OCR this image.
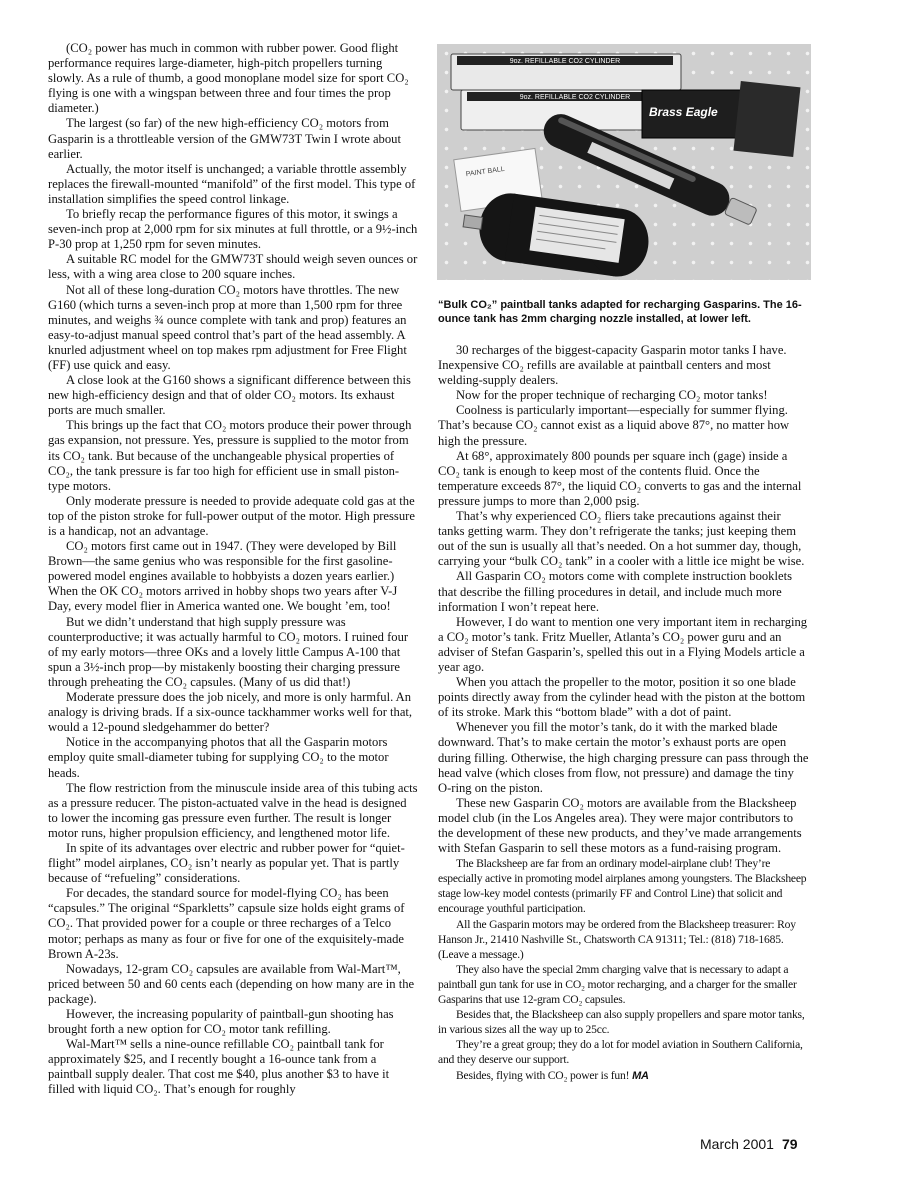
(CO₂ power has much in common with rubber power. Good flight performance requires large-diameter, high-pitch propellers turning slowly. As a rule of thumb, a good monoplane model size for sport CO₂ flying is one with a wingspan between three and four times the prop diameter.)

The largest (so far) of the new high-efficiency CO₂ motors from Gasparin is a throttleable version of the GMW73T Twin I wrote about earlier.

Actually, the motor itself is unchanged; a variable throttle assembly replaces the firewall-mounted “manifold” of the first model. This type of installation simplifies the speed control linkage.

To briefly recap the performance figures of this motor, it swings a seven-inch prop at 2,000 rpm for six minutes at full throttle, or a 9½-inch P-30 prop at 1,250 rpm for seven minutes.

A suitable RC model for the GMW73T should weigh seven ounces or less, with a wing area close to 200 square inches.

Not all of these long-duration CO₂ motors have throttles. The new G160 (which turns a seven-inch prop at more than 1,500 rpm for three minutes, and weighs ¾ ounce complete with tank and prop) features an easy-to-adjust manual speed control that’s part of the head assembly. A knurled adjustment wheel on top makes rpm adjustment for Free Flight (FF) use quick and easy.

A close look at the G160 shows a significant difference between this new high-efficiency design and that of older CO₂ motors. Its exhaust ports are much smaller.

This brings up the fact that CO₂ motors produce their power through gas expansion, not pressure. Yes, pressure is supplied to the motor from its CO₂ tank. But because of the unchangeable physical properties of CO₂, the tank pressure is far too high for efficient use in small piston-type motors.

Only moderate pressure is needed to provide adequate cold gas at the top of the piston stroke for full-power output of the motor. High pressure is a handicap, not an advantage.

CO₂ motors first came out in 1947. (They were developed by Bill Brown—the same genius who was responsible for the first gasoline-powered model engines available to hobbyists a dozen years earlier.) When the OK CO₂ motors arrived in hobby shops two years after V-J Day, every model flier in America wanted one. We bought ’em, too!

But we didn’t understand that high supply pressure was counterproductive; it was actually harmful to CO₂ motors. I ruined four of my early motors—three OKs and a lovely little Campus A-100 that spun a 3½-inch prop—by mistakenly boosting their charging pressure through preheating the CO₂ capsules. (Many of us did that!)

Moderate pressure does the job nicely, and more is only harmful. An analogy is driving brads. If a six-ounce tackhammer works well for that, would a 12-pound sledgehammer do better?

Notice in the accompanying photos that all the Gasparin motors employ quite small-diameter tubing for supplying CO₂ to the motor heads.

The flow restriction from the minuscule inside area of this tubing acts as a pressure reducer. The piston-actuated valve in the head is designed to lower the incoming gas pressure even further. The result is longer motor runs, higher propulsion efficiency, and lengthened motor life.

In spite of its advantages over electric and rubber power for “quiet-flight” model airplanes, CO₂ isn’t nearly as popular yet. That is partly because of “refueling” considerations.

For decades, the standard source for model-flying CO₂ has been “capsules.” The original “Sparkletts” capsule size holds eight grams of CO₂. That provided power for a couple or three recharges of a Telco motor; perhaps as many as four or five for one of the exquisitely-made Brown A-23s.

Nowadays, 12-gram CO₂ capsules are available from Wal-Mart™, priced between 50 and 60 cents each (depending on how many are in the package).

However, the increasing popularity of paintball-gun shooting has brought forth a new option for CO₂ motor tank refilling.

Wal-Mart™ sells a nine-ounce refillable CO₂ paintball tank for approximately $25, and I recently bought a 16-ounce tank from a paintball supply dealer. That cost me $40, plus another $3 to have it filled with liquid CO₂. That’s enough for roughly

9oz. REFILLABLE CO2 CYLINDER
9oz. REFILLABLE CO2 CYLINDER
Brass Eagle
PAINT BALL
“Bulk CO₂” paintball tanks adapted for recharging Gasparins. The 16-ounce tank has 2mm charging nozzle installed, at lower left.

30 recharges of the biggest-capacity Gasparin motor tanks I have. Inexpensive CO₂ refills are available at paintball centers and most welding-supply dealers.

Now for the proper technique of recharging CO₂ motor tanks!

Coolness is particularly important—especially for summer flying. That’s because CO₂ cannot exist as a liquid above 87°, no matter how high the pressure.

At 68°, approximately 800 pounds per square inch (gage) inside a CO₂ tank is enough to keep most of the contents fluid. Once the temperature exceeds 87°, the liquid CO₂ converts to gas and the internal pressure jumps to more than 2,000 psig.

That’s why experienced CO₂ fliers take precautions against their tanks getting warm. They don’t refrigerate the tanks; just keeping them out of the sun is usually all that’s needed. On a hot summer day, though, carrying your “bulk CO₂ tank” in a cooler with a little ice might be wise.

All Gasparin CO₂ motors come with complete instruction booklets that describe the filling procedures in detail, and include much more information I won’t repeat here.

However, I do want to mention one very important item in recharging a CO₂ motor’s tank. Fritz Mueller, Atlanta’s CO₂ power guru and an adviser of Stefan Gasparin’s, spelled this out in a Flying Models article a year ago.

When you attach the propeller to the motor, position it so one blade points directly away from the cylinder head with the piston at the bottom of its stroke. Mark this “bottom blade” with a dot of paint.

Whenever you fill the motor’s tank, do it with the marked blade downward. That’s to make certain the motor’s exhaust ports are open during filling. Otherwise, the high charging pressure can pass through the head valve (which closes from flow, not pressure) and damage the tiny O-ring on the piston.

These new Gasparin CO₂ motors are available from the Blacksheep model club (in the Los Angeles area). They were major contributors to the development of these new products, and they’ve made arrangements with Stefan Gasparin to sell these motors as a fund-raising program.

The Blacksheep are far from an ordinary model-airplane club! They’re especially active in promoting model airplanes among youngsters. The Blacksheep stage low-key model contests (primarily FF and Control Line) that solicit and encourage youthful participation.

All the Gasparin motors may be ordered from the Blacksheep treasurer: Roy Hanson Jr., 21410 Nashville St., Chatsworth CA 91311; Tel.: (818) 718-1685. (Leave a message.)

They also have the special 2mm charging valve that is necessary to adapt a paintball gun tank for use in CO₂ motor recharging, and a charger for the smaller Gasparins that use 12-gram CO₂ capsules.

Besides that, the Blacksheep can also supply propellers and spare motor tanks, in various sizes all the way up to 25cc.

They’re a great group; they do a lot for model aviation in Southern California, and they deserve our support.

Besides, flying with CO₂ power is fun! MA

March 2001 79
